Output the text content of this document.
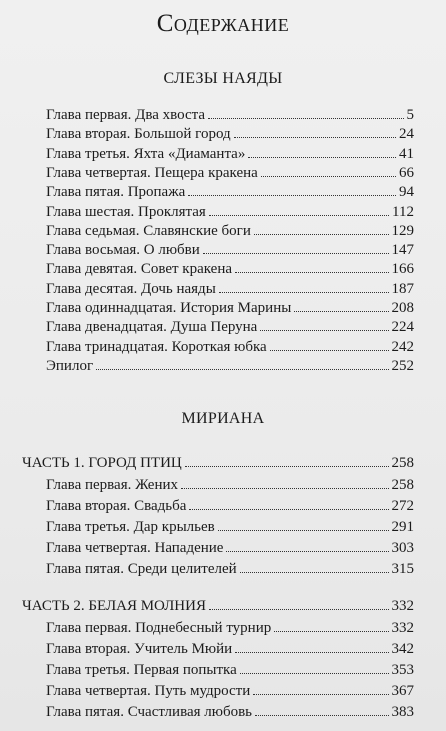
Содержание
СЛЕЗЫ НАЯДЫ
Глава первая. Два хвоста	5
Глава вторая. Большой город	24
Глава третья. Яхта «Диаманта»	41
Глава четвертая. Пещера кракена	66
Глава пятая. Пропажа	94
Глава шестая. Проклятая	112
Глава седьмая. Славянские боги	129
Глава восьмая. О любви	147
Глава девятая. Совет кракена	166
Глава десятая. Дочь наяды	187
Глава одиннадцатая. История Марины	208
Глава двенадцатая. Душа Перуна	224
Глава тринадцатая. Короткая юбка	242
Эпилог	252
МИРИАНА
ЧАСТЬ 1. ГОРОД ПТИЦ	258
Глава первая. Жених	258
Глава вторая. Свадьба	272
Глава третья. Дар крыльев	291
Глава четвертая. Нападение	303
Глава пятая. Среди целителей	315
ЧАСТЬ 2. БЕЛАЯ МОЛНИЯ	332
Глава первая. Поднебесный турнир	332
Глава вторая. Учитель Мюйи	342
Глава третья. Первая попытка	353
Глава четвертая. Путь мудрости	367
Глава пятая. Счастливая любовь	383
